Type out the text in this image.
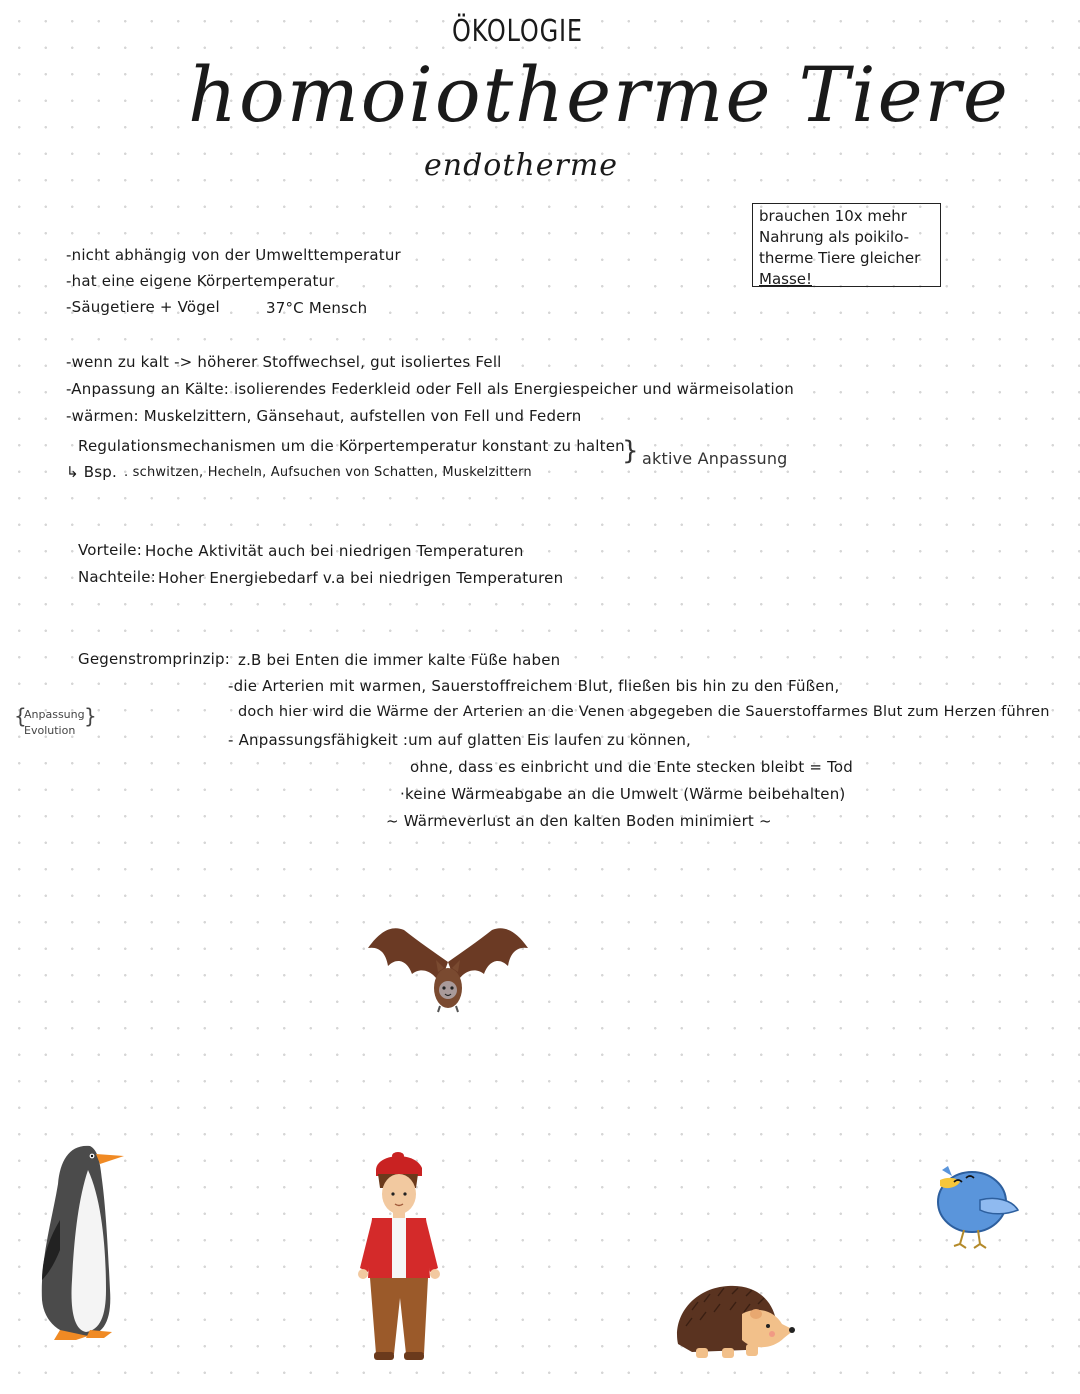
ÖKOLOGIE
homoiotherme Tiere
endotherme
brauchen 10x mehr
Nahrung als poikilo-
therme Tiere gleicher
Masse!
-nicht abhängig von der Umwelttemperatur
-hat eine eigene Körpertemperatur
-Säugetiere + Vögel	37°C Mensch
-wenn zu kalt -> höherer Stoffwechsel, gut isoliertes Fell
-Anpassung an Kälte: isolierendes Federkleid oder Fell als Energiespeicher und wärmeisolation
-wärmen: Muskelzittern, Gänsehaut, aufstellen von Fell und Federn
Regulationsmechanismen um die Körpertemperatur konstant zu halten
↳ Bsp. . schwitzen, Hecheln, Aufsuchen von Schatten, Muskelzittern
} aktive Anpassung
Vorteile: Hoche Aktivität auch bei niedrigen Temperaturen
Nachteile: Hoher Energiebedarf v.a bei niedrigen Temperaturen
Gegenstromprinzip: z.B bei Enten die immer kalte Füße haben
-die Arterien mit warmen, Sauerstoffreichem Blut, fließen bis hin zu den Füßen,
doch hier wird die Wärme der Arterien an die Venen abgegeben die Sauerstoffarmes Blut zum Herzen führen
- Anpassungsfähigkeit :um auf glatten Eis laufen zu können,
ohne, dass es einbricht und die Ente stecken bleibt = Tod
·keine Wärmeabgabe an die Umwelt (Wärme beibehalten)
~ Wärmeverlust an den kalten Boden minimiert ~
{
Anpassung
Evolution
}
